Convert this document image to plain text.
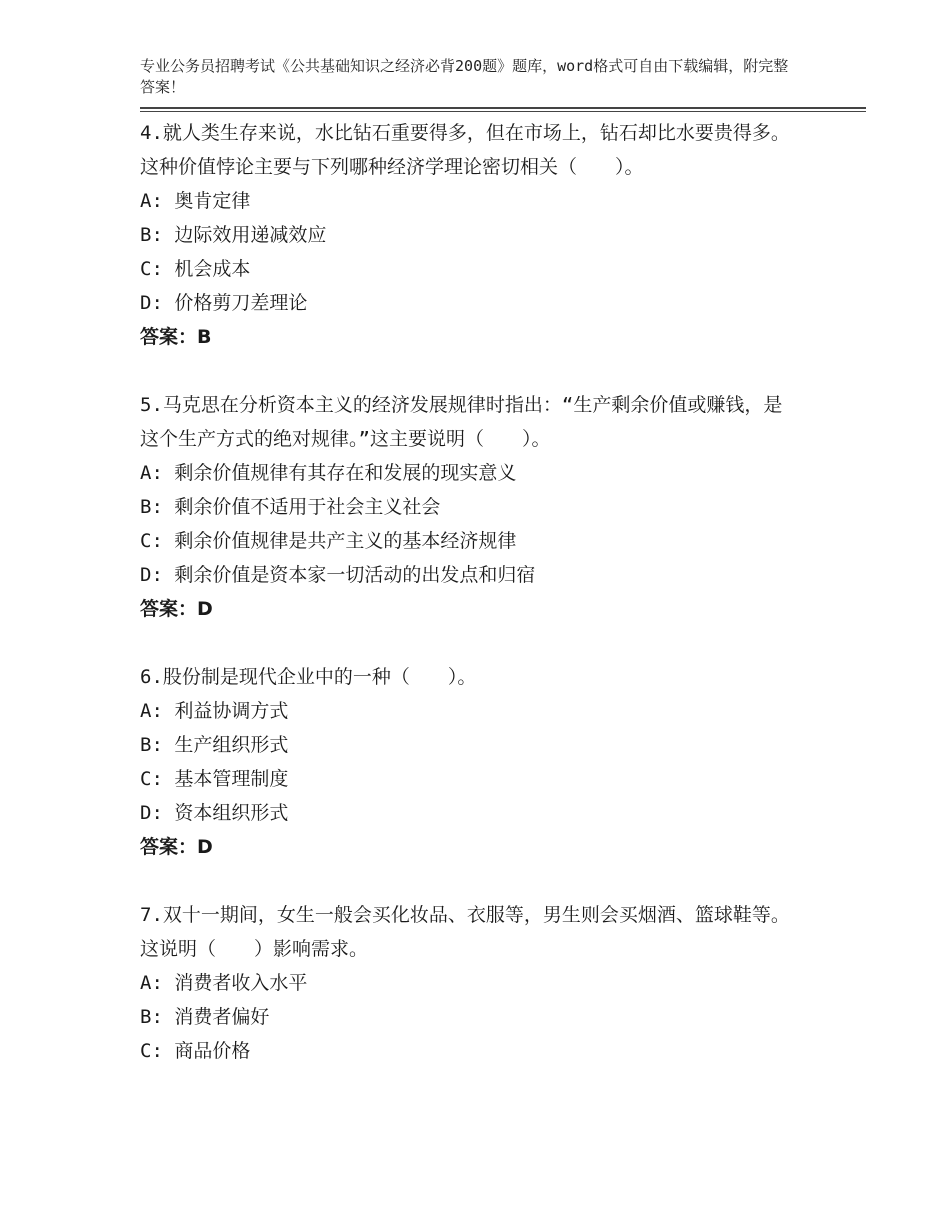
专业公务员招聘考试《公共基础知识之经济必背200题》题库，word格式可自由下载编辑，附完整答案！
4.就人类生存来说，水比钻石重要得多，但在市场上，钻石却比水要贵得多。这种价值悖论主要与下列哪种经济学理论密切相关（　　）。
A: 奥肯定律
B: 边际效用递减效应
C: 机会成本
D: 价格剪刀差理论
答案：B
5.马克思在分析资本主义的经济发展规律时指出：“生产剩余价值或赚钱，是这个生产方式的绝对规律。”这主要说明（　　）。
A: 剩余价值规律有其存在和发展的现实意义
B: 剩余价值不适用于社会主义社会
C: 剩余价值规律是共产主义的基本经济规律
D: 剩余价值是资本家一切活动的出发点和归宿
答案：D
6.股份制是现代企业中的一种（　　）。
A: 利益协调方式
B: 生产组织形式
C: 基本管理制度
D: 资本组织形式
答案：D
7.双十一期间，女生一般会买化妆品、衣服等，男生则会买烟酒、篮球鞋等。这说明（　　）影响需求。
A: 消费者收入水平
B: 消费者偏好
C: 商品价格
